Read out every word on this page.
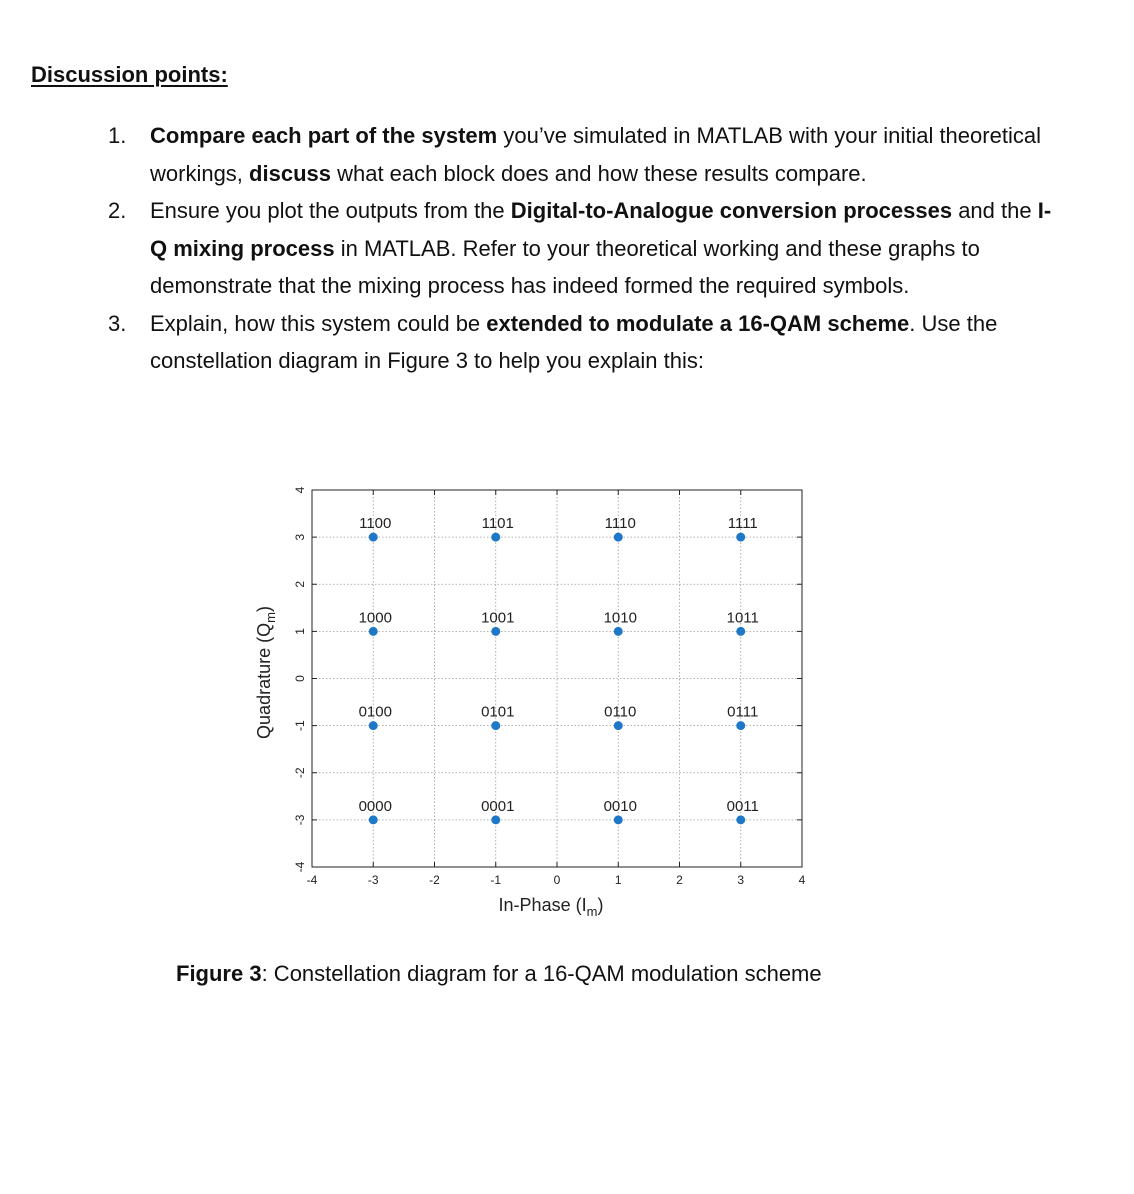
Discussion points:
1. Compare each part of the system you’ve simulated in MATLAB with your initial theoretical workings, discuss what each block does and how these results compare.
2. Ensure you plot the outputs from the Digital-to-Analogue conversion processes and the I-Q mixing process in MATLAB. Refer to your theoretical working and these graphs to demonstrate that the mixing process has indeed formed the required symbols.
3. Explain, how this system could be extended to modulate a 16-QAM scheme. Use the constellation diagram in Figure 3 to help you explain this:
-4	-3	-2	-1	0	1	2	3	4
-4
-3
-2
-1
0
1
2
3
4
In-Phase $(I_m)$
Quadrature $(Q_m)$
1100	1101	1110	1111
1000	1001	1010	1011
0100	0101	0110	0111
0000	0001	0010	0011

Figure 3: Constellation diagram for a 16-QAM modulation scheme
